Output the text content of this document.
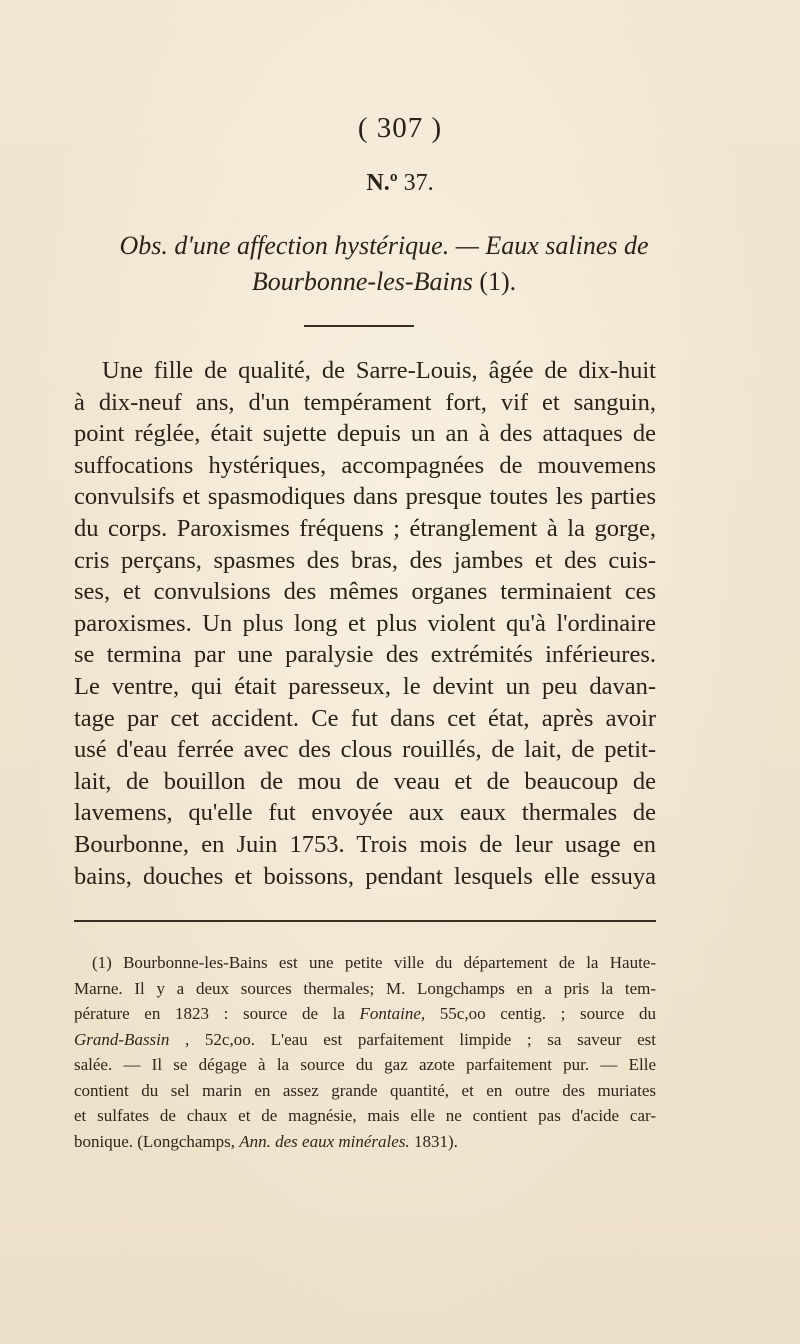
( 307 )
N.º 37.
Obs. d'une affection hystérique. — Eaux salines de
Bourbonne-les-Bains (1).
Une fille de qualité, de Sarre-Louis, âgée de dix-huit
à dix-neuf ans, d'un tempérament fort, vif et sanguin,
point réglée, était sujette depuis un an à des attaques de
suffocations hystériques, accompagnées de mouvemens
convulsifs et spasmodiques dans presque toutes les parties
du corps. Paroxismes fréquens ; étranglement à la gorge,
cris perçans, spasmes des bras, des jambes et des cuis-
ses, et convulsions des mêmes organes terminaient ces
paroxismes. Un plus long et plus violent qu'à l'ordinaire
se termina par une paralysie des extrémités inférieures.
Le ventre, qui était paresseux, le devint un peu davan-
tage par cet accident. Ce fut dans cet état, après avoir
usé d'eau ferrée avec des clous rouillés, de lait, de petit-
lait, de bouillon de mou de veau et de beaucoup de
lavemens, qu'elle fut envoyée aux eaux thermales de
Bourbonne, en Juin 1753. Trois mois de leur usage en
bains, douches et boissons, pendant lesquels elle essuya
(1) Bourbonne-les-Bains est une petite ville du département de la Haute-
Marne. Il y a deux sources thermales; M. Longchamps en a pris la tem-
pérature en 1823 : source de la Fontaine, 55c,oo centig. ; source du
Grand-Bassin , 52c,oo. L'eau est parfaitement limpide ; sa saveur est
salée. — Il se dégage à la source du gaz azote parfaitement pur. — Elle
contient du sel marin en assez grande quantité, et en outre des muriates
et sulfates de chaux et de magnésie, mais elle ne contient pas d'acide car-
bonique. (Longchamps, Ann. des eaux minérales. 1831).
